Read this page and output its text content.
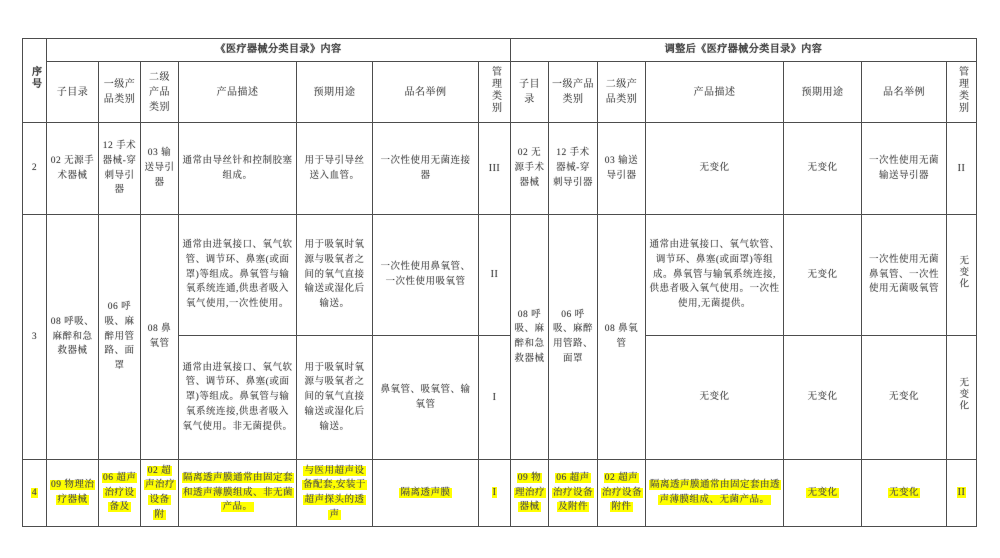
序号	《医疗器械分类目录》内容							调整后《医疗器械分类目录》内容						
	子目录	一级产品类别	二级产品类别	产品描述	预期用途	品名举例	管理类别	子目录	一级产品类别	二级产品类别	产品描述	预期用途	品名举例	管理类别
2	02 无源手术器械	12 手术器械-穿刺导引器	03 输送导引器	通常由导丝针和控制胶塞组成。	用于导引导丝送入血管。	一次性使用无菌连接器	III	02 无源手术器械	12 手术器械-穿刺导引器	03 输送导引器	无变化	无变化	一次性使用无菌输送导引器	II
3	08 呼吸、麻醉和急救器械	06 呼吸、麻醉用管路、面罩	08 鼻氧管	通常由进氧接口、氧气软管、调节环、鼻塞(或面罩)等组成。鼻氧管与输氧系统连通,供患者吸入氧气使用,一次性使用。	用于吸氧时氧源与吸氧者之间的氧气直接输送或湿化后输送。	一次性使用鼻氧管、一次性使用吸氧管	II	08 呼吸、麻醉和急救器械	06 呼吸、麻醉用管路、面罩	08 鼻氧管	通常由进氧接口、氧气软管、调节环、鼻塞(或面罩)等组成。鼻氧管与输氧系统连接,供患者吸入氧气使用。一次性使用,无菌提供。	无变化	一次性使用无菌鼻氧管、一次性使用无菌吸氧管	无变化
				通常由进氧接口、氧气软管、调节环、鼻塞(或面罩)等组成。鼻氧管与输氧系统连接,供患者吸入氧气使用。非无菌提供。	用于吸氧时氧源与吸氧者之间的氧气直接输送或湿化后输送。	鼻氧管、吸氧管、输氧管	I				无变化	无变化	无变化	无变化
4	09 物理治疗器械	06 超声治疗设备及	02 超声治疗设备附	隔离透声膜通常由固定套和透声薄膜组成、非无菌产品。	与医用超声设备配套,安装于超声探头的透声	隔离透声膜	I	09 物理治疗器械	06 超声治疗设备及附件	02 超声治疗设备附件	隔离透声膜通常由固定套由透声薄膜组成、无菌产品。	无变化	无变化	II
